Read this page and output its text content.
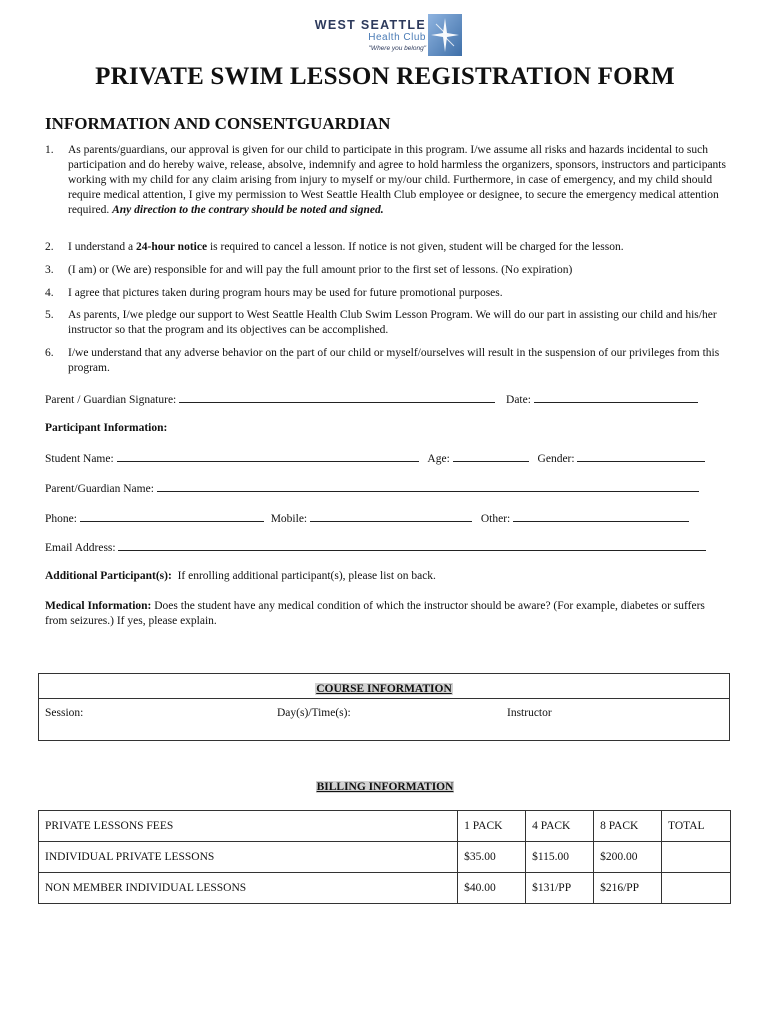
WEST SEATTLE
Health Club
"Where you belong"
PRIVATE SWIM LESSON REGISTRATION FORM
INFORMATION AND CONSENTGUARDIAN
1. As parents/guardians, our approval is given for our child to participate in this program. I/we assume all risks and hazards incidental to such participation and do hereby waive, release, absolve, indemnify and agree to hold harmless the organizers, sponsors, instructors and participants working with my child for any claim arising from injury to myself or my/our child. Furthermore, in case of emergency, and my child should require medical attention, I give my permission to West Seattle Health Club employee or designee, to secure the emergency medical attention required. Any direction to the contrary should be noted and signed.
2. I understand a 24-hour notice is required to cancel a lesson. If notice is not given, student will be charged for the lesson.
3. (I am) or (We are) responsible for and will pay the full amount prior to the first set of lessons. (No expiration)
4. I agree that pictures taken during program hours may be used for future promotional purposes.
5. As parents, I/we pledge our support to West Seattle Health Club Swim Lesson Program. We will do our part in assisting our child and his/her instructor so that the program and its objectives can be accomplished.
6. I/we understand that any adverse behavior on the part of our child or myself/ourselves will result in the suspension of our privileges from this program.
Parent / Guardian Signature:	Date:
Participant Information:
Student Name:	Age:	Gender:
Parent/Guardian Name:
Phone:	Mobile:	Other:
Email Address:
Additional Participant(s): If enrolling additional participant(s), please list on back.
Medical Information: Does the student have any medical condition of which the instructor should be aware? (For example, diabetes or suffers from seizures.) If yes, please explain.
COURSE INFORMATION
Session:	Day(s)/Time(s):	Instructor
BILLING INFORMATION
PRIVATE LESSONS FEES	1 PACK	4 PACK	8 PACK	TOTAL
INDIVIDUAL PRIVATE LESSONS	$35.00	$115.00	$200.00	
NON MEMBER INDIVIDUAL LESSONS	$40.00	$131/PP	$216/PP	
